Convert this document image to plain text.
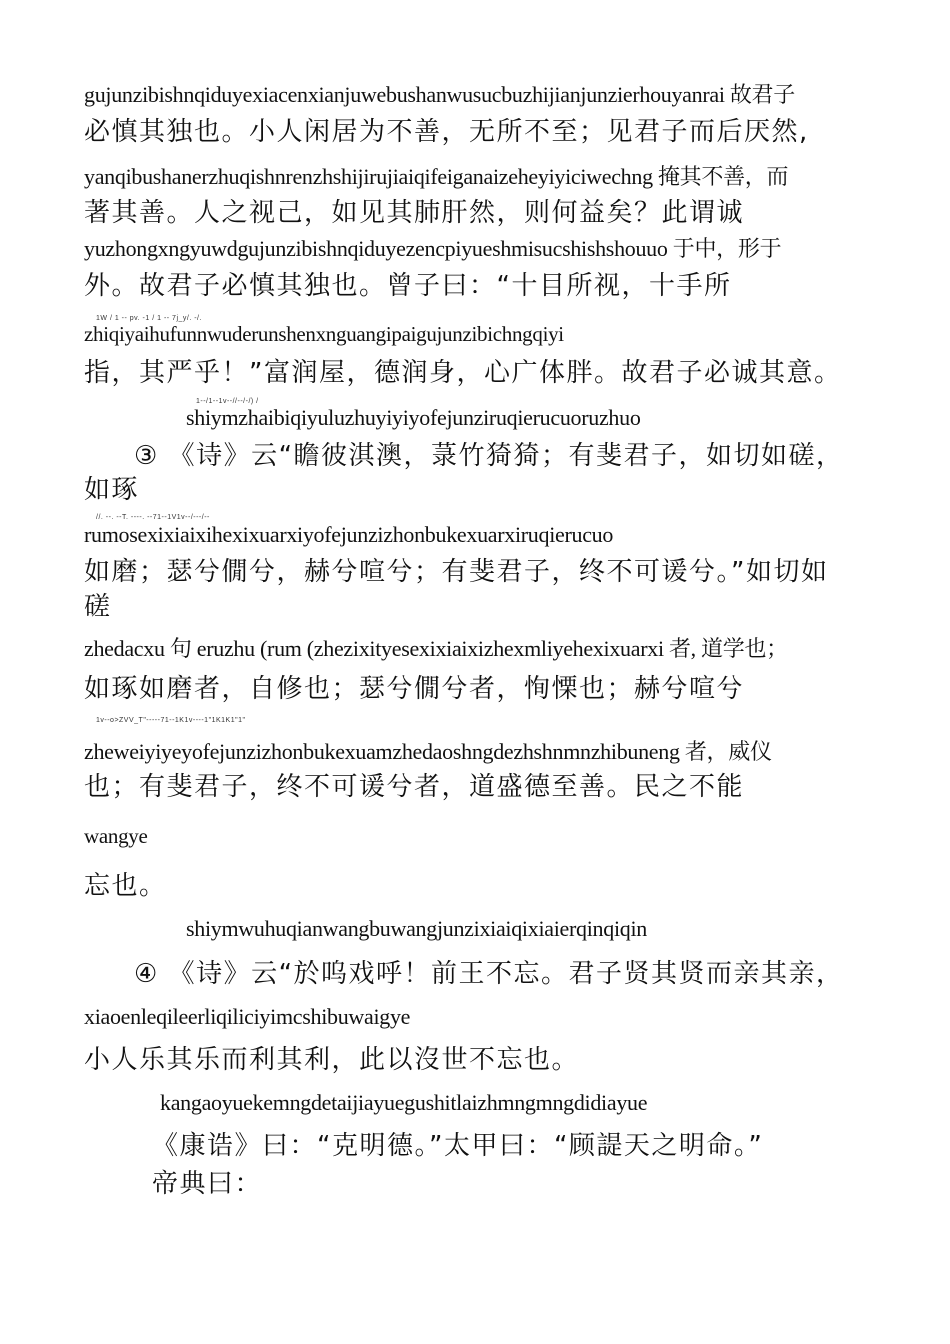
gujunzibishnqiduyexiacenxianjuwebushanwusucbuzhijianjunzierhouyanrai 故君子
必慎其独也。小人闲居为不善，无所不至；见君子而后厌然,
yanqibushanerzhuqishnrenzhshijirujiaiqifeiganaizeheyiyiciwechng 掩其不善，而
著其善。人之视己，如见其肺肝然，则何益矣？此谓诚
yuzhongxngyuwdgujunzibishnqiduyezencpiyueshmisucshishshouuo 于中，形于
外。故君子必慎其独也。曾子曰：“十目所视，十手所
1W / 1 -- pv. -1 / 1 -- 7j_y/. -/.
zhiqiyaihufunnwuderunshenxnguangipaigujunzibichngqiyi
指，其严乎！”富润屋，德润身，心广体胖。故君子必诚其意。
1--/1--1v--//--/-/) /
shiymzhaibiqiyuluzhuyiyiyofejunziruqierucuoruzhuo
③ 《诗》云“瞻彼淇澳，菉竹猗猗；有斐君子，如切如磋，
如琢
//. --. --T. ----. --71--1V1v--/---/--
rumosexixiaixihexixuarxiyofejunzizhonbukexuarxiruqierucuo
如磨；瑟兮僩兮，赫兮喧兮；有斐君子，终不可谖兮。”如切如
磋
zhedacxu 句 eruzhu (rum (zhezixityesexixiaixizhexmliyehexixuarxi 者, 道学也；
如琢如磨者，自修也；瑟兮僩兮者，恂慄也；赫兮喧兮
1v--o>ZVV_T"-----71--1K1v----1"1K1K1"1"
zheweiyiyeyofejunzizhonbukexuamzhedaoshngdezhshnmnzhibuneng 者，威仪
也；有斐君子，终不可谖兮者，道盛德至善。民之不能
wangye
忘也。
shiymwuhuqianwangbuwangjunzixiaiqixiaierqinqiqin
④ 《诗》云“於呜戏呼！前王不忘。君子贤其贤而亲其亲，
xiaoenleqileerliqiliciyimcshibuwaigye
小人乐其乐而利其利，此以沒世不忘也。
kangaoyuekemngdetaijiayuegushitlaizhmngmngdidiayue
《康诰》曰：“克明德。”太甲曰：“顾諟天之明命。”
帝典曰：
